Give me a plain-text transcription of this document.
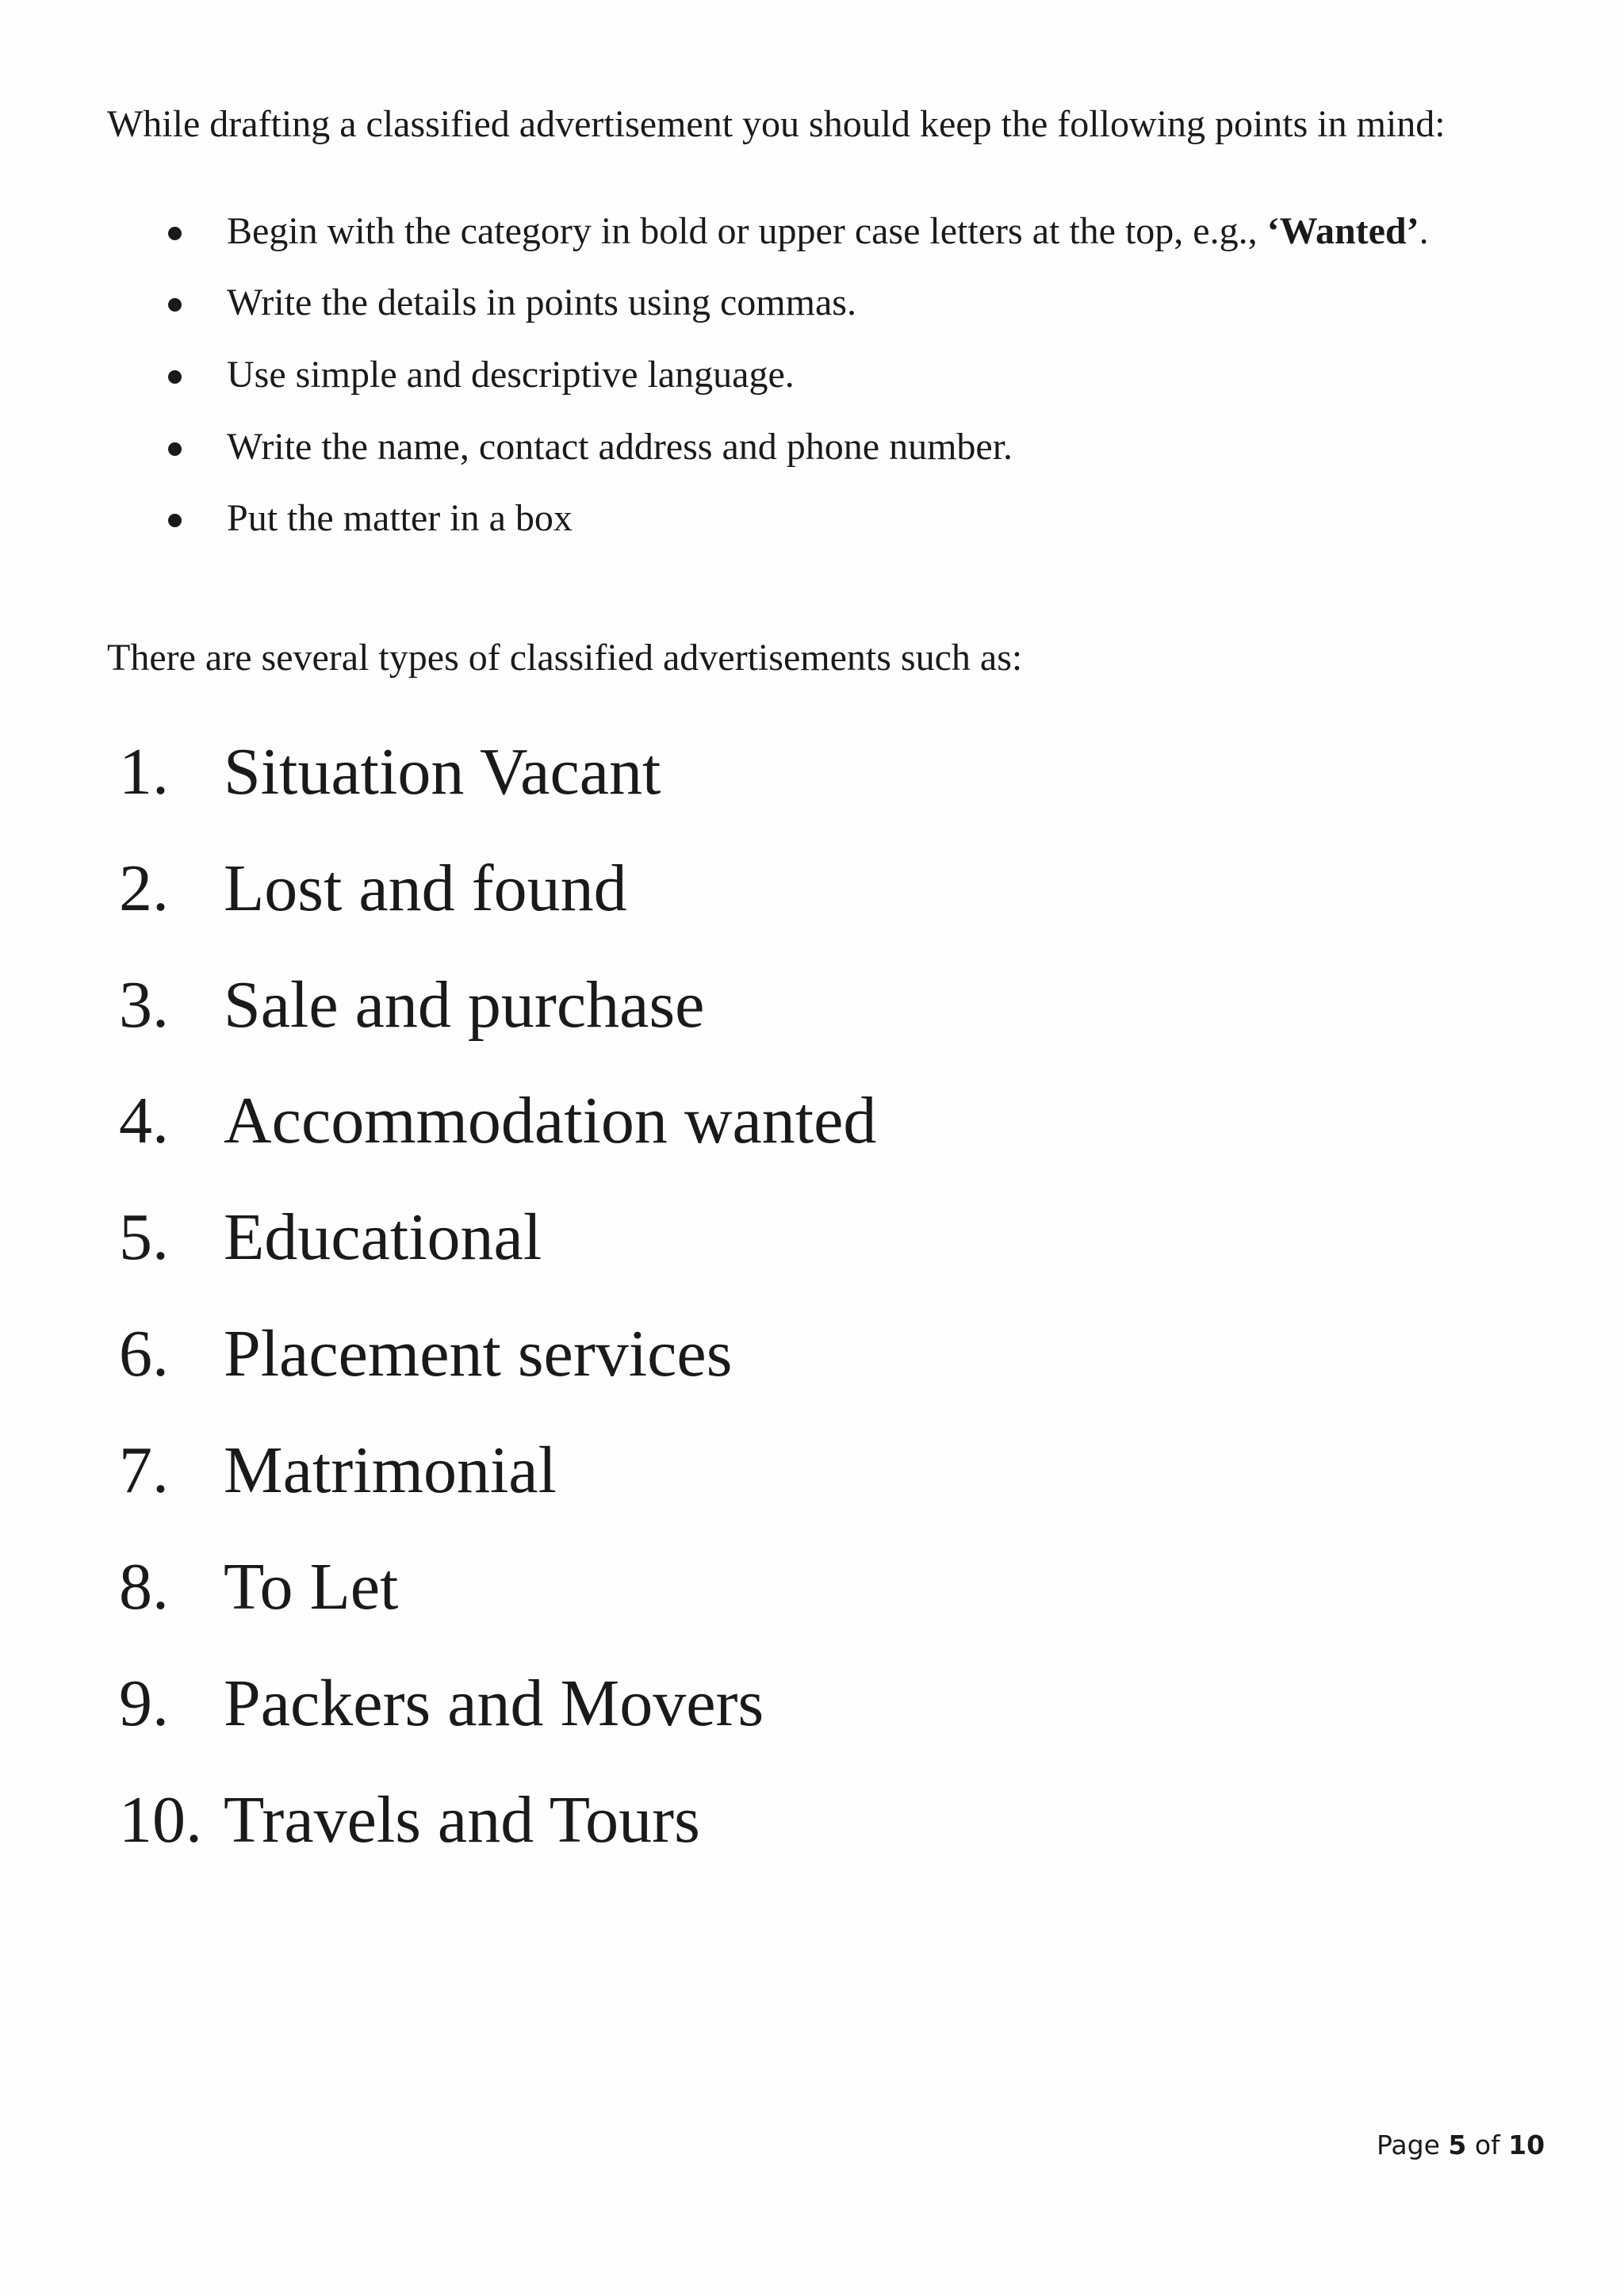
While drafting a classified advertisement you should keep the following points in mind:

Begin with the category in bold or upper case letters at the top, e.g., ‘Wanted’.
Write the details in points using commas.
Use simple and descriptive language.
Write the name, contact address and phone number.
Put the matter in a box

There are several types of classified advertisements such as:

1. Situation Vacant
2. Lost and found
3. Sale and purchase
4. Accommodation wanted
5. Educational
6. Placement services
7. Matrimonial
8. To Let
9. Packers and Movers
10. Travels and Tours
Page 5 of 10
